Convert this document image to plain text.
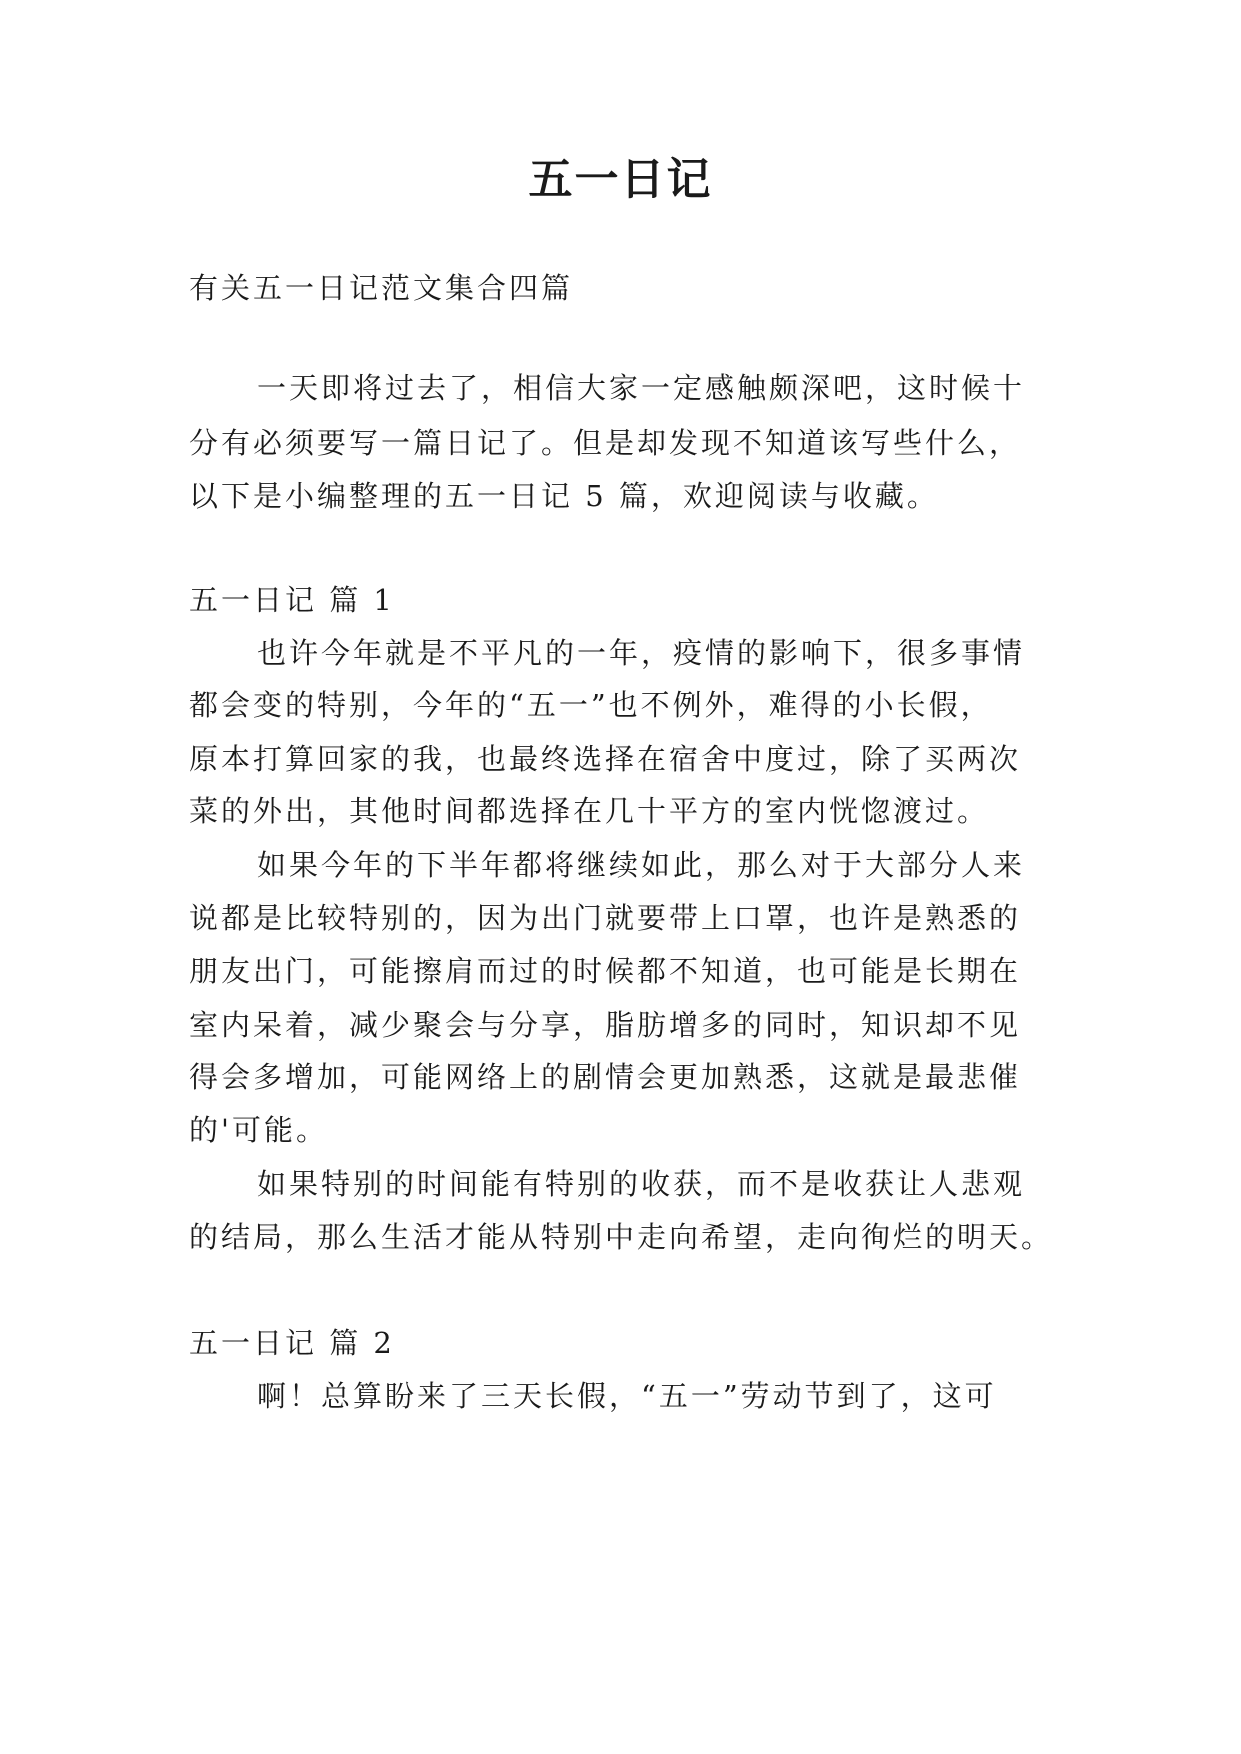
五一日记
有关五一日记范文集合四篇
一天即将过去了，相信大家一定感触颇深吧，这时候十
分有必须要写一篇日记了。但是却发现不知道该写些什么，
以下是小编整理的五一日记 5 篇，欢迎阅读与收藏。
五一日记 篇 1
也许今年就是不平凡的一年，疫情的影响下，很多事情
都会变的特别，今年的“五一”也不例外，难得的小长假，
原本打算回家的我，也最终选择在宿舍中度过，除了买两次
菜的外出，其他时间都选择在几十平方的室内恍惚渡过。
如果今年的下半年都将继续如此，那么对于大部分人来
说都是比较特别的，因为出门就要带上口罩，也许是熟悉的
朋友出门，可能擦肩而过的时候都不知道，也可能是长期在
室内呆着，减少聚会与分享，脂肪增多的同时，知识却不见
得会多增加，可能网络上的剧情会更加熟悉，这就是最悲催
的'可能。
如果特别的时间能有特别的收获，而不是收获让人悲观
的结局，那么生活才能从特别中走向希望，走向徇烂的明天。
五一日记 篇 2
啊！总算盼来了三天长假，“五一”劳动节到了，这可
